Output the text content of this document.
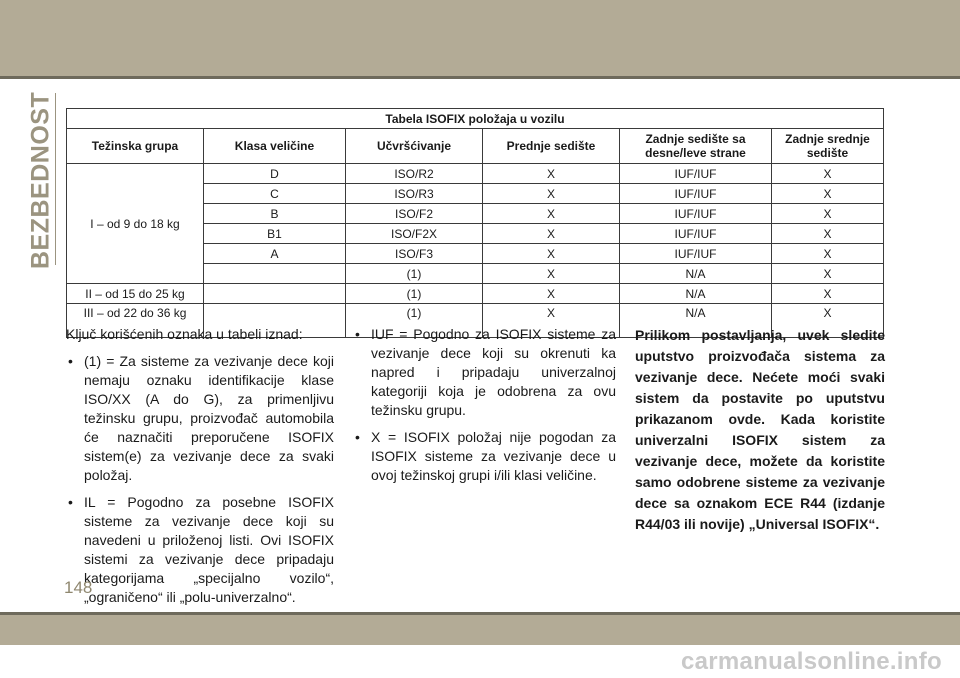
BEZBEDNOST	Tabela ISOFIX položaja u vozilu					
Težinska grupa	Klasa veličine	Učvršćivanje	Prednje sedište	Zadnje sedište sa desne/leve strane	Zadnje srednje sedište
I – od 9 do 18 kg	D	ISO/R2	X	IUF/IUF	X
	C	ISO/R3	X	IUF/IUF	X
	B	ISO/F2	X	IUF/IUF	X
	B1	ISO/F2X	X	IUF/IUF	X
	A	ISO/F3	X	IUF/IUF	X
		(1)	X	N/A	X
II – od 15 do 25 kg		(1)	X	N/A	X
III – od 22 do 36 kg		(1)	X	N/A	X

Ključ korišćenih oznaka u tabeli iznad:

• (1) = Za sisteme za vezivanje dece koji nemaju oznaku identifikacije klase ISO/XX (A do G), za primenljivu težinsku grupu, proizvođač automobila će naznačiti preporučene ISOFIX sistem(e) za vezivanje dece za svaki položaj.
• IL = Pogodno za posebne ISOFIX sisteme za vezivanje dece koji su navedeni u priloženoj listi. Ovi ISOFIX sistemi za vezivanje dece pripadaju kategorijama „specijalno vozilo“, „ograničeno“ ili „polu-univerzalno“.
• IUF = Pogodno za ISOFIX sisteme za vezivanje dece koji su okrenuti ka napred i pripadaju univerzalnoj kategoriji koja je odobrena za ovu težinsku grupu.
• X = ISOFIX položaj nije pogodan za ISOFIX sisteme za vezivanje dece u ovoj težinskoj grupi i/ili klasi veličine.
Prilikom postavljanja, uvek sledite uputstvo proizvođača sistema za vezivanje dece. Nećete moći svaki sistem da postavite po uputstvu prikazanom ovde. Kada koristite univerzalni ISOFIX sistem za vezivanje dece, možete da koristite samo odobrene sisteme za vezivanje dece sa oznakom ECE R44 (izdanje R44/03 ili novije) „Universal ISOFIX“.
148
carmanualsonline.info
